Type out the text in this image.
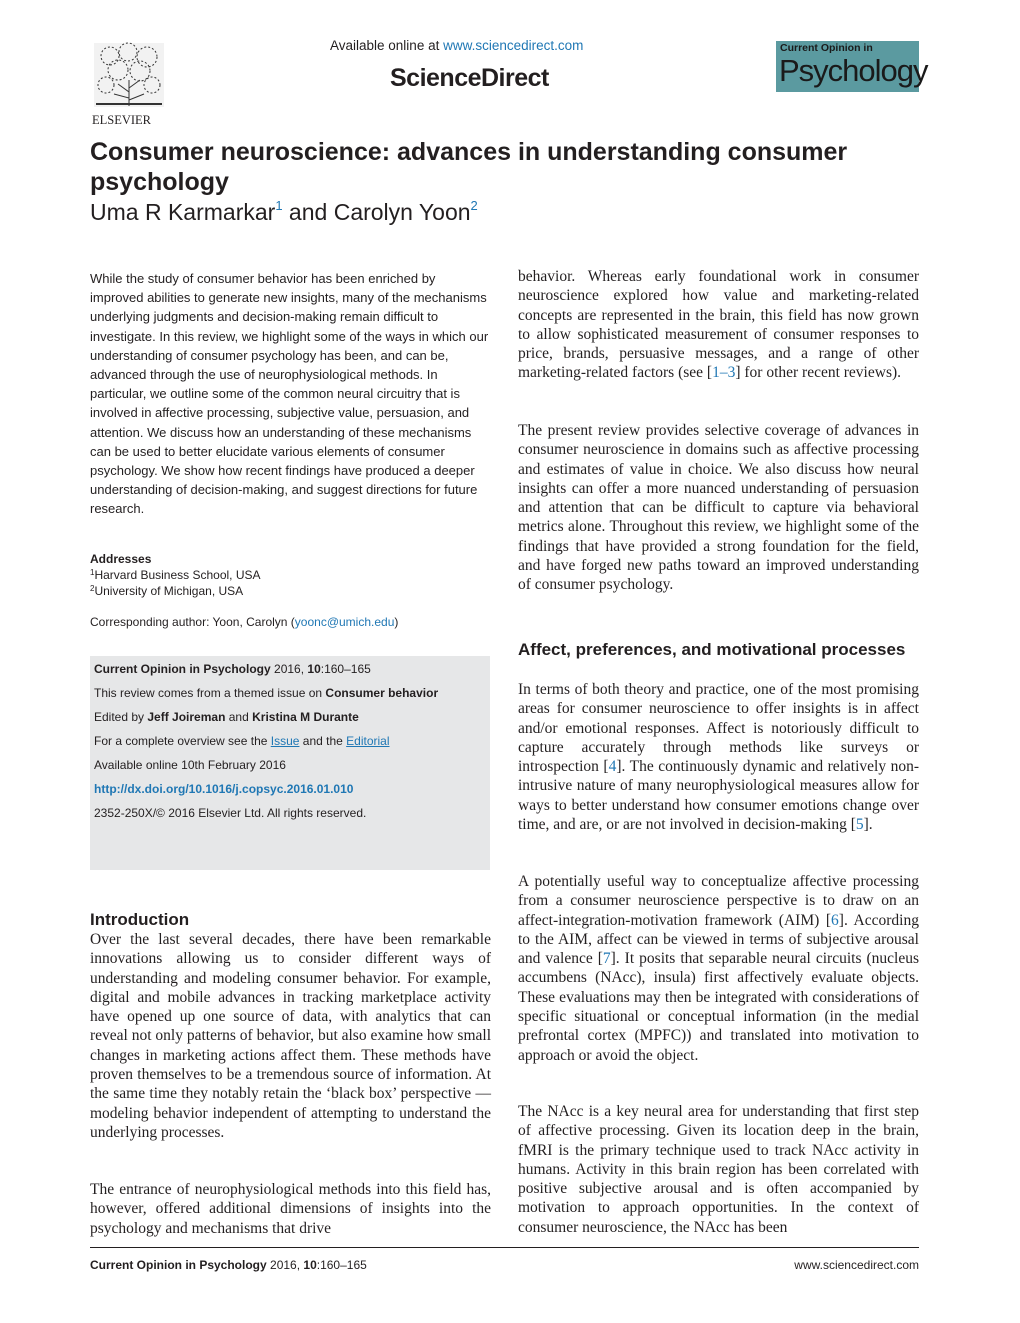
ELSEVIER
Available online at www.sciencedirect.com
ScienceDirect
Current Opinion in
Psychology
Consumer neuroscience: advances in understanding consumer psychology
Uma R Karmarkar$^1$ and Carolyn Yoon$^2$
While the study of consumer behavior has been enriched by improved abilities to generate new insights, many of the mechanisms underlying judgments and decision-making remain difficult to investigate. In this review, we highlight some of the ways in which our understanding of consumer psychology has been, and can be, advanced through the use of neurophysiological methods. In particular, we outline some of the common neural circuitry that is involved in affective processing, subjective value, persuasion, and attention. We discuss how an understanding of these mechanisms can be used to better elucidate various elements of consumer psychology. We show how recent findings have produced a deeper understanding of decision-making, and suggest directions for future research.
Addresses
$^1$Harvard Business School, USA
$^2$University of Michigan, USA
Corresponding author: Yoon, Carolyn (yoonc@umich.edu)
Current Opinion in Psychology 2016, 10:160–165
This review comes from a themed issue on Consumer behavior
Edited by Jeff Joireman and Kristina M Durante
For a complete overview see the Issue and the Editorial
Available online 10th February 2016
http://dx.doi.org/10.1016/j.copsyc.2016.01.010
2352-250X/© 2016 Elsevier Ltd. All rights reserved.
Introduction
Over the last several decades, there have been remarkable innovations allowing us to consider different ways of understanding and modeling consumer behavior. For example, digital and mobile advances in tracking marketplace activity have opened up one source of data, with analytics that can reveal not only patterns of behavior, but also examine how small changes in marketing actions affect them. These methods have proven themselves to be a tremendous source of information. At the same time they notably retain the ‘black box’ perspective — modeling behavior independent of attempting to understand the underlying processes.
The entrance of neurophysiological methods into this field has, however, offered additional dimensions of insights into the psychology and mechanisms that drive
behavior. Whereas early foundational work in consumer neuroscience explored how value and marketing-related concepts are represented in the brain, this field has now grown to allow sophisticated measurement of consumer responses to price, brands, persuasive messages, and a range of other marketing-related factors (see [1–3] for other recent reviews).
The present review provides selective coverage of advances in consumer neuroscience in domains such as affective processing and estimates of value in choice. We also discuss how neural insights can offer a more nuanced understanding of persuasion and attention that can be difficult to capture via behavioral metrics alone. Throughout this review, we highlight some of the findings that have provided a strong foundation for the field, and have forged new paths toward an improved understanding of consumer psychology.
Affect, preferences, and motivational processes
In terms of both theory and practice, one of the most promising areas for consumer neuroscience to offer insights is in affect and/or emotional responses. Affect is notoriously difficult to capture accurately through methods like surveys or introspection [4]. The continuously dynamic and relatively non-intrusive nature of many neurophysiological measures allow for ways to better understand how consumer emotions change over time, and are, or are not involved in decision-making [5].
A potentially useful way to conceptualize affective processing from a consumer neuroscience perspective is to draw on an affect-integration-motivation framework (AIM) [6]. According to the AIM, affect can be viewed in terms of subjective arousal and valence [7]. It posits that separable neural circuits (nucleus accumbens (NAcc), insula) first affectively evaluate objects. These evaluations may then be integrated with considerations of specific situational or conceptual information (in the medial prefrontal cortex (MPFC)) and translated into motivation to approach or avoid the object.
The NAcc is a key neural area for understanding that first step of affective processing. Given its location deep in the brain, fMRI is the primary technique used to track NAcc activity in humans. Activity in this brain region has been correlated with positive subjective arousal and is often accompanied by motivation to approach opportunities. In the context of consumer neuroscience, the NAcc has been
Current Opinion in Psychology 2016, 10:160–165	www.sciencedirect.com
